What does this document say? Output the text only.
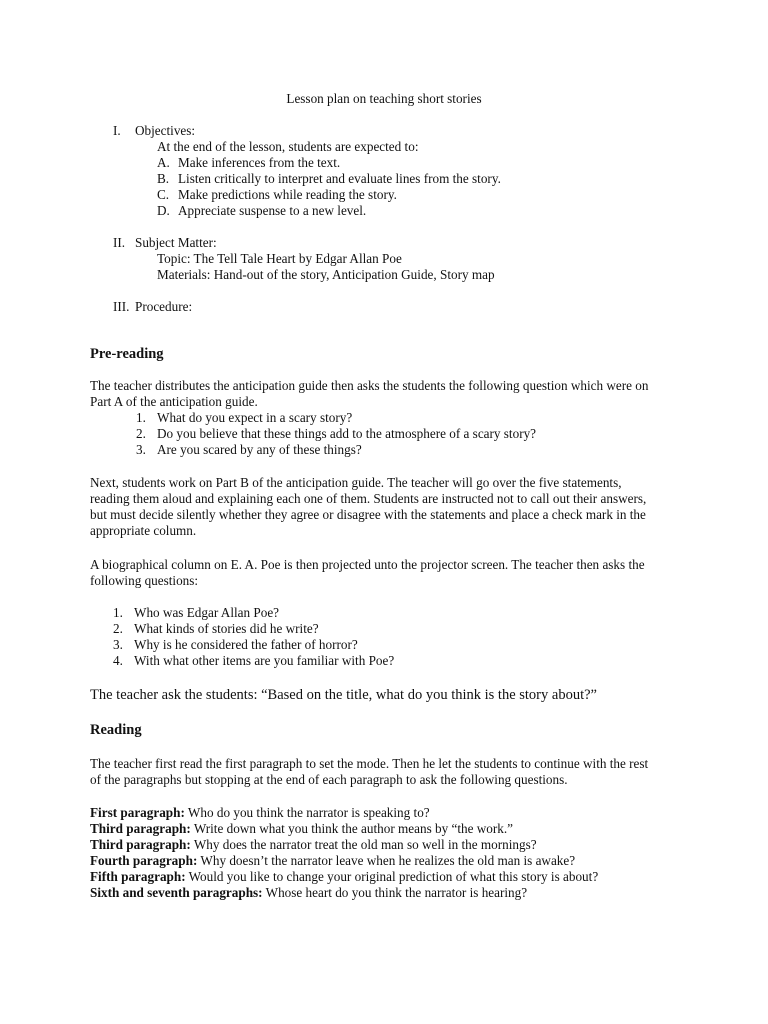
Lesson plan on teaching short stories
I. Objectives:
At the end of the lesson, students are expected to:
A. Make inferences from the text.
B. Listen critically to interpret and evaluate lines from the story.
C. Make predictions while reading the story.
D. Appreciate suspense to a new level.
II. Subject Matter:
Topic: The Tell Tale Heart by Edgar Allan Poe
Materials: Hand-out of the story, Anticipation Guide, Story map
III. Procedure:
Pre-reading
The teacher distributes the anticipation guide then asks the students the following question which were on
Part A of the anticipation guide.
1. What do you expect in a scary story?
2. Do you believe that these things add to the atmosphere of a scary story?
3. Are you scared by any of these things?
Next, students work on Part B of the anticipation guide. The teacher will go over the five statements,
reading them aloud and explaining each one of them. Students are instructed not to call out their answers,
but must decide silently whether they agree or disagree with the statements and place a check mark in the
appropriate column.
A biographical column on E. A. Poe is then projected unto the projector screen. The teacher then asks the
following questions:
1. Who was Edgar Allan Poe?
2. What kinds of stories did he write?
3. Why is he considered the father of horror?
4. With what other items are you familiar with Poe?
The teacher ask the students: “Based on the title, what do you think is the story about?”
Reading
The teacher first read the first paragraph to set the mode. Then he let the students to continue with the rest
of the paragraphs but stopping at the end of each paragraph to ask the following questions.
First paragraph: Who do you think the narrator is speaking to?
Third paragraph: Write down what you think the author means by “the work.”
Third paragraph: Why does the narrator treat the old man so well in the mornings?
Fourth paragraph: Why doesn’t the narrator leave when he realizes the old man is awake?
Fifth paragraph: Would you like to change your original prediction of what this story is about?
Sixth and seventh paragraphs: Whose heart do you think the narrator is hearing?
